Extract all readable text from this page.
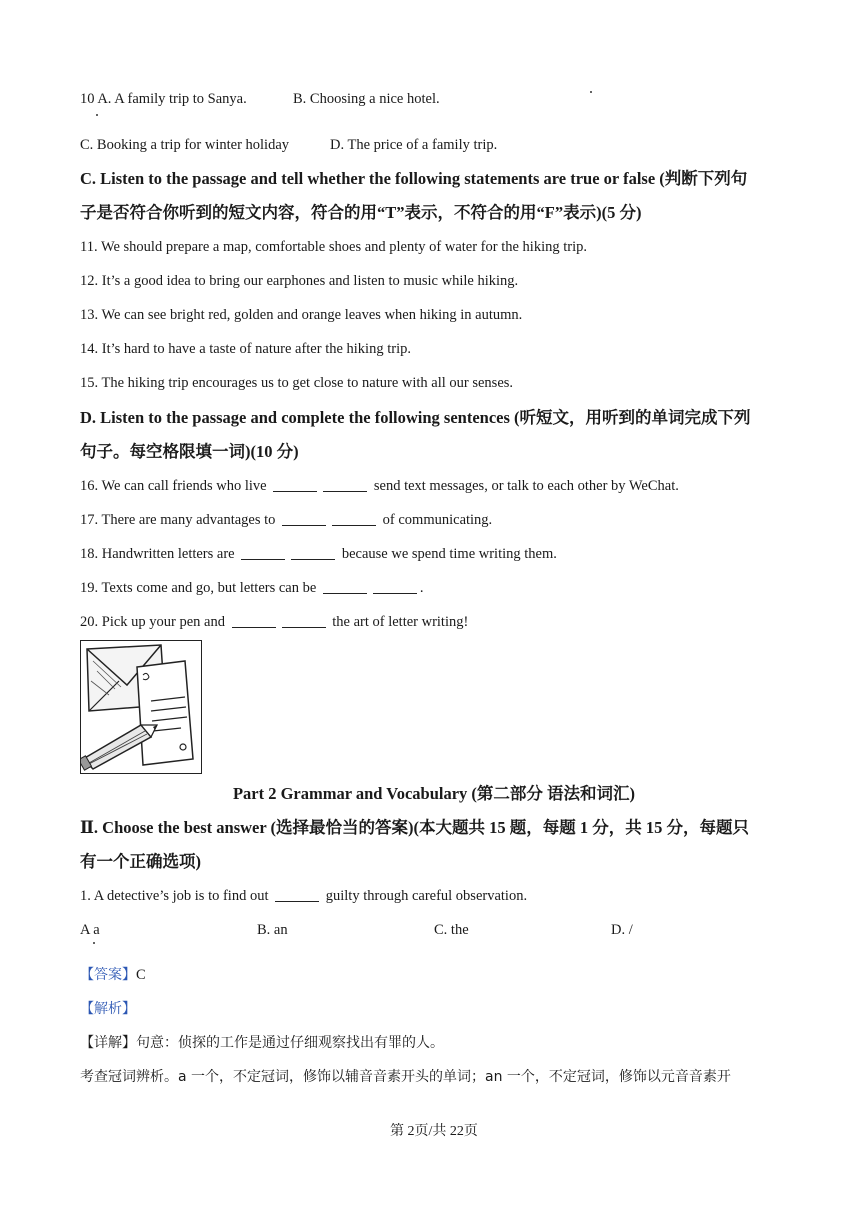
10 A. A family trip to Sanya.	B. Choosing a nice hotel.
C. Booking a trip for winter holiday	D. The price of a family trip.
C. Listen to the passage and tell whether the following statements are true or false (判断下列句
子是否符合你听到的短文内容，符合的用“T”表示，不符合的用“F”表示)(5 分)
11. We should prepare a map, comfortable shoes and plenty of water for the hiking trip.
12. It’s a good idea to bring our earphones and listen to music while hiking.
13. We can see bright red, golden and orange leaves when hiking in autumn.
14. It’s hard to have a taste of nature after the hiking trip.
15. The hiking trip encourages us to get close to nature with all our senses.
D. Listen to the passage and complete the following sentences (听短文，用听到的单词完成下列
句子。每空格限填一词)(10 分)
16. We can call friends who live	send text messages, or talk to each other by WeChat.
17. There are many advantages to	of communicating.
18. Handwritten letters are	because we spend time writing them.
19. Texts come and go, but letters can be	.
20. Pick up your pen and	the art of letter writing!
Part 2 Grammar and Vocabulary (第二部分 语法和词汇)
Ⅱ. Choose the best answer (选择最恰当的答案)(本大题共 15 题，每题 1 分，共 15 分，每题只
有一个正确选项)
1. A detective’s job is to find out	guilty through careful observation.
A a	B. an	C. the	D. /
【答案】C
【解析】
【详解】句意：侦探的工作是通过仔细观察找出有罪的人。
考查冠词辨析。a 一个，不定冠词，修饰以辅音音素开头的单词；an 一个，不定冠词，修饰以元音音素开
第 2页/共 22页
